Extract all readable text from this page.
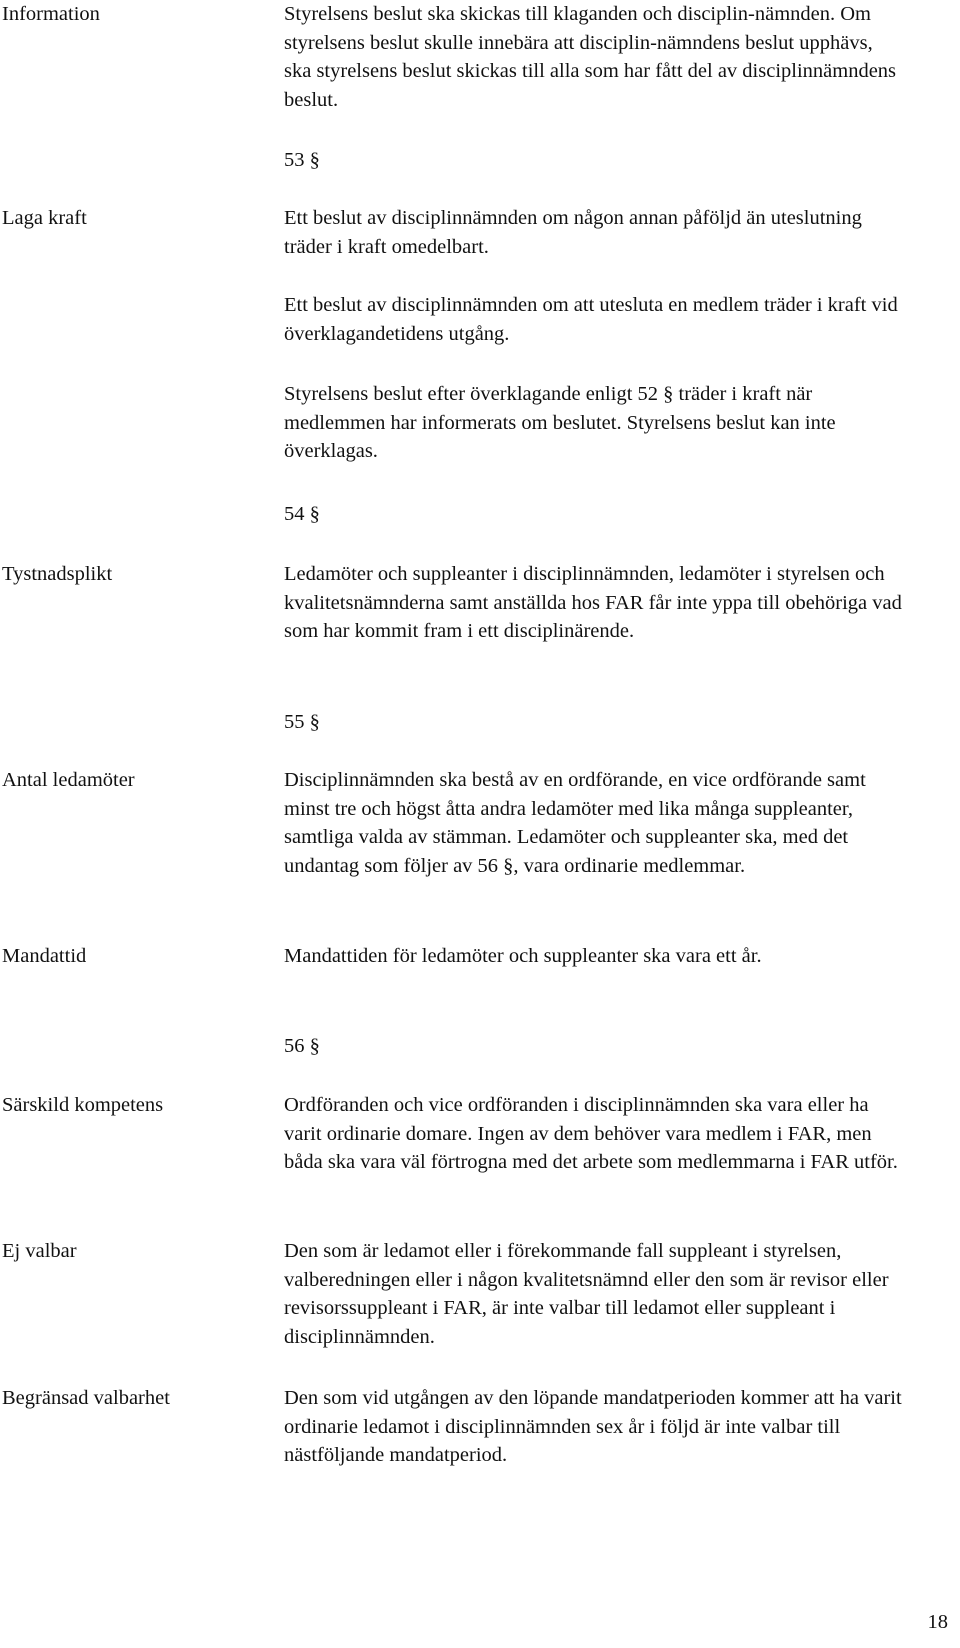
Information	Styrelsens beslut ska skickas till klaganden och disciplin-nämnden. Om styrelsens beslut skulle innebära att disciplin-nämndens beslut upphävs, ska styrelsens beslut skickas till alla som har fått del av disciplinnämndens beslut.
53 §
Laga kraft	Ett beslut av disciplinnämnden om någon annan påföljd än uteslutning träder i kraft omedelbart.
Ett beslut av disciplinnämnden om att utesluta en medlem träder i kraft vid överklagandetidens utgång.
Styrelsens beslut efter överklagande enligt 52 § träder i kraft när medlemmen har informerats om beslutet. Styrelsens beslut kan inte överklagas.
54 §
Tystnadsplikt	Ledamöter och suppleanter i disciplinnämnden, ledamöter i styrelsen och kvalitetsnämnderna samt anställda hos FAR får inte yppa till obehöriga vad som har kommit fram i ett disciplinärende.
55 §
Antal ledamöter	Disciplinnämnden ska bestå av en ordförande, en vice ordförande samt minst tre och högst åtta andra ledamöter med lika många suppleanter, samtliga valda av stämman. Ledamöter och suppleanter ska, med det undantag som följer av 56 §, vara ordinarie medlemmar.
Mandattid	Mandattiden för ledamöter och suppleanter ska vara ett år.
56 §
Särskild kompetens	Ordföranden och vice ordföranden i disciplinnämnden ska vara eller ha varit ordinarie domare. Ingen av dem behöver vara medlem i FAR, men båda ska vara väl förtrogna med det arbete som medlemmarna i FAR utför.
Ej valbar	Den som är ledamot eller i förekommande fall suppleant i styrelsen, valberedningen eller i någon kvalitetsnämnd eller den som är revisor eller revisorssuppleant i FAR, är inte valbar till ledamot eller suppleant i disciplinnämnden.
Begränsad valbarhet	Den som vid utgången av den löpande mandatperioden kommer att ha varit ordinarie ledamot i disciplinnämnden sex år i följd är inte valbar till nästföljande mandatperiod.
18
